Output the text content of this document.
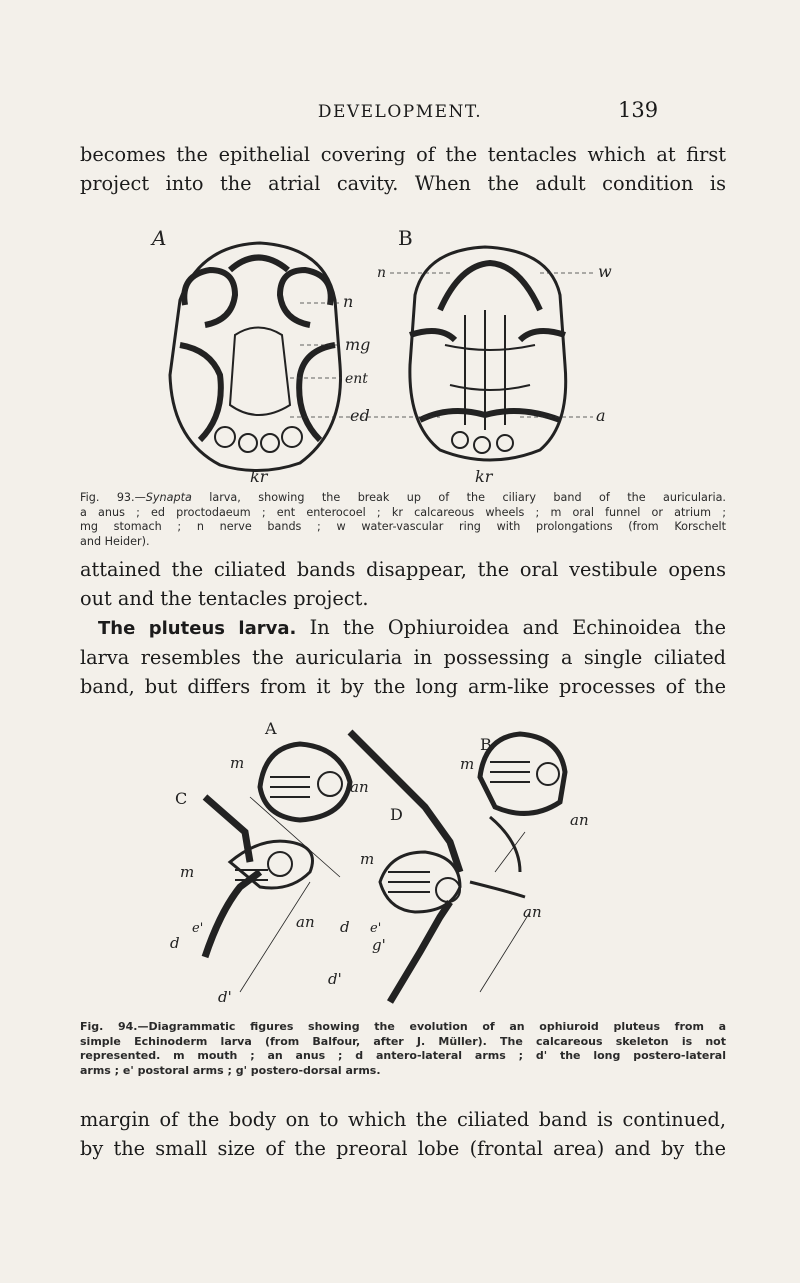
DEVELOPMENT.	139
becomes the epithelial covering of the tentacles which at first
project into the atrial cavity. When the adult condition is
A	B
n
mg
ent
ed
kr
n	w
a
kr
Fig. 93.—Synapta larva, showing the break up of the ciliary band of the auricularia.
a anus ; ed proctodaeum ; ent enterocoel ; kr calcareous wheels ; m oral funnel or atrium ;
mg stomach ; n nerve bands ; w water-vascular ring with prolongations (from Korschelt
and Heider).
attained the ciliated bands disappear, the oral vestibule opens
out and the tentacles project.
The pluteus larva. In the Ophiuroidea and Echinoidea the
larva resembles the auricularia in possessing a single ciliated
band, but differs from it by the long arm-like processes of the
A
B
C
D
m
an
m
an
an
m
d
e'	an
d'
m
d e'
g'
d'
Fig. 94.—Diagrammatic figures showing the evolution of an ophiuroid pluteus from a
simple Echinoderm larva (from Balfour, after J. Müller). The calcareous skeleton is not
represented. m mouth ; an anus ; d antero-lateral arms ; d' the long postero-lateral
arms ; e' postoral arms ; g' postero-dorsal arms.
margin of the body on to which the ciliated band is continued,
by the small size of the preoral lobe (frontal area) and by the
